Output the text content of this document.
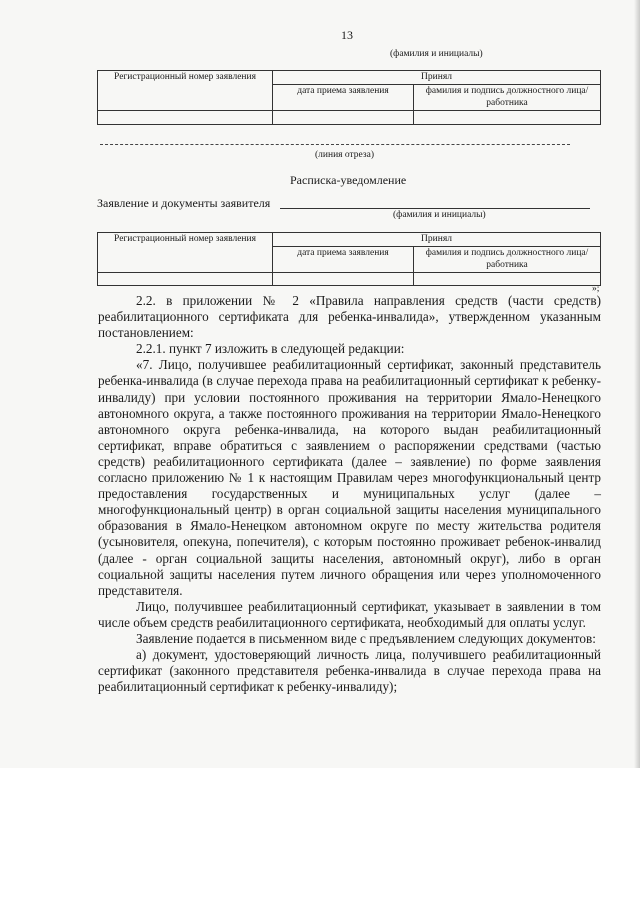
13
(фамилия и инициалы)
Регистрационный номер заявления	Принял	
	дата приема заявления	фамилия и подпись должностного лица/работника

(линия отреза)
Расписка-уведомление
Заявление и документы заявителя
(фамилия и инициалы)
Регистрационный номер заявления	Принял	
	дата приема заявления	фамилия и подпись должностного лица/работника

»;

2.2. в приложении № 2 «Правила направления средств (части средств) реабилитационного сертификата для ребенка-инвалида», утвержденном указанным постановлением:

2.2.1. пункт 7 изложить в следующей редакции:

«7. Лицо, получившее реабилитационный сертификат, законный представитель ребенка-инвалида (в случае перехода права на реабилитационный сертификат к ребенку-инвалиду) при условии постоянного проживания на территории Ямало-Ненецкого автономного округа, а также постоянного проживания на территории Ямало-Ненецкого автономного округа ребенка-инвалида, на которого выдан реабилитационный сертификат, вправе обратиться с заявлением о распоряжении средствами (частью средств) реабилитационного сертификата (далее – заявление) по форме заявления согласно приложению № 1 к настоящим Правилам через многофункциональный центр предоставления государственных и муниципальных услуг (далее – многофункциональный центр) в орган социальной защиты населения муниципального образования в Ямало-Ненецком автономном округе по месту жительства родителя (усыновителя, опекуна, попечителя), с которым постоянно проживает ребенок-инвалид (далее - орган социальной защиты населения, автономный округ), либо в орган социальной защиты населения путем личного обращения или через уполномоченного представителя.

Лицо, получившее реабилитационный сертификат, указывает в заявлении в том числе объем средств реабилитационного сертификата, необходимый для оплаты услуг.

Заявление подается в письменном виде с предъявлением следующих документов:

а) документ, удостоверяющий личность лица, получившего реабилитационный сертификат (законного представителя ребенка-инвалида в случае перехода права на реабилитационный сертификат к ребенку-инвалиду);
